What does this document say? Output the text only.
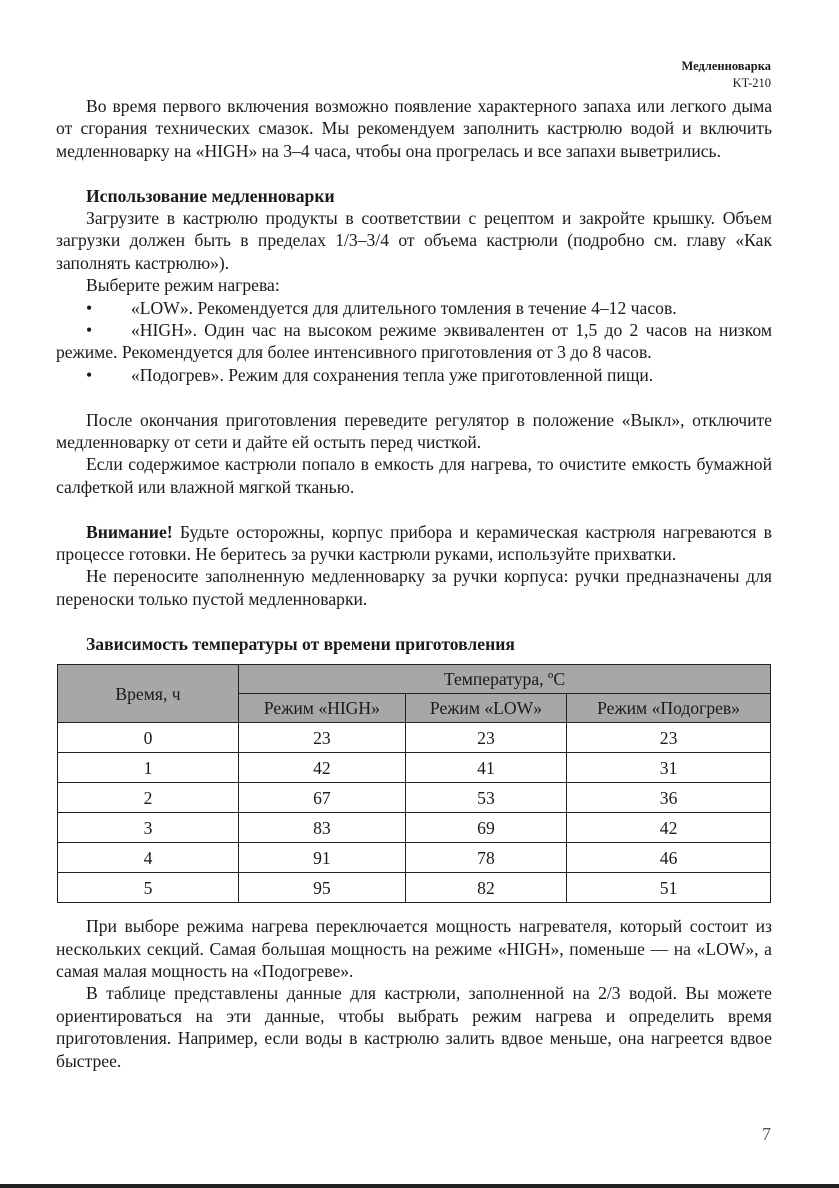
Медленноварка
KT-210

Во время первого включения возможно появление характерного запаха или легкого дыма от сгорания технических смазок. Мы рекомендуем заполнить кастрюлю водой и включить медленноварку на «HIGH» на 3–4 часа, чтобы она прогрелась и все запахи выветрились.

Использование медленноварки

Загрузите в кастрюлю продукты в соответствии с рецептом и закройте крышку. Объем загрузки должен быть в пределах 1/3–3/4 от объема кастрюли (подробно см. главу «Как заполнять кастрюлю»).

Выберите режим нагрева:

• «LOW». Рекомендуется для длительного томления в течение 4–12 часов.
• «HIGH». Один час на высоком режиме эквивалентен от 1,5 до 2 часов на низком режиме. Рекомендуется для более интенсивного приготовления от 3 до 8 часов.
• «Подогрев». Режим для сохранения тепла уже приготовленной пищи.

После окончания приготовления переведите регулятор в положение «Выкл», отключите медленноварку от сети и дайте ей остыть перед чисткой.

Если содержимое кастрюли попало в емкость для нагрева, то очистите емкость бумажной салфеткой или влажной мягкой тканью.

Внимание! Будьте осторожны, корпус прибора и керамическая кастрюля нагреваются в процессе готовки. Не беритесь за ручки кастрюли руками, используйте прихватки.

Не переносите заполненную медленноварку за ручки корпуса: ручки предназначены для переноски только пустой медленноварки.

Зависимость температуры от времени приготовления
Время, ч	Температура, ºC		
	Режим «HIGH»	Режим «LOW»	Режим «Подогрев»
0	23	23	23
1	42	41	31
2	67	53	36
3	83	69	42
4	91	78	46
5	95	82	51

При выборе режима нагрева переключается мощность нагревателя, который состоит из нескольких секций. Самая большая мощность на режиме «HIGH», поменьше — на «LOW», а самая малая мощность на «Подогреве».

В таблице представлены данные для кастрюли, заполненной на 2/3 водой. Вы можете ориентироваться на эти данные, чтобы выбрать режим нагрева и определить время приготовления. Например, если воды в кастрюлю залить вдвое меньше, она нагреется вдвое быстрее.

7
